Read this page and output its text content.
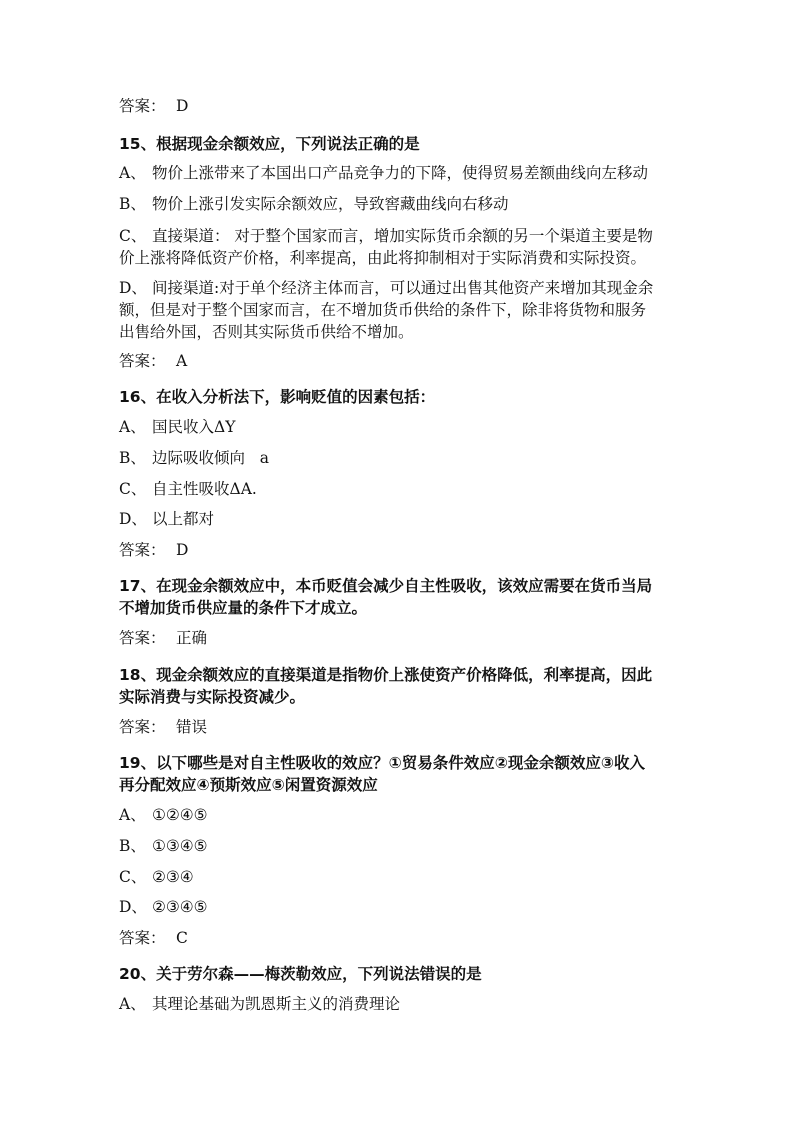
答案： D
15、根据现金余额效应，下列说法正确的是
A、 物价上涨带来了本国出口产品竞争力的下降，使得贸易差额曲线向左移动
B、 物价上涨引发实际余额效应，导致窖藏曲线向右移动
C、 直接渠道： 对于整个国家而言，增加实际货币余额的另一个渠道主要是物
价上涨将降低资产价格，利率提高，由此将抑制相对于实际消费和实际投资。
D、 间接渠道:对于单个经济主体而言，可以通过出售其他资产来增加其现金余
额，但是对于整个国家而言，在不增加货币供给的条件下，除非将货物和服务
出售给外国，否则其实际货币供给不增加。
答案： A
16、在收入分析法下，影响贬值的因素包括：
A、 国民收入ΔY
B、 边际吸收倾向   a
C、 自主性吸收ΔA.
D、 以上都对
答案： D
17、在现金余额效应中，本币贬值会减少自主性吸收，该效应需要在货币当局
不增加货币供应量的条件下才成立。
答案： 正确
18、现金余额效应的直接渠道是指物价上涨使资产价格降低，利率提高，因此
实际消费与实际投资减少。
答案： 错误
19、以下哪些是对自主性吸收的效应？①贸易条件效应②现金余额效应③收入
再分配效应④预斯效应⑤闲置资源效应
A、 ①②④⑤
B、 ①③④⑤
C、 ②③④
D、 ②③④⑤
答案： C
20、关于劳尔森——梅茨勒效应，下列说法错误的是
A、 其理论基础为凯恩斯主义的消费理论
